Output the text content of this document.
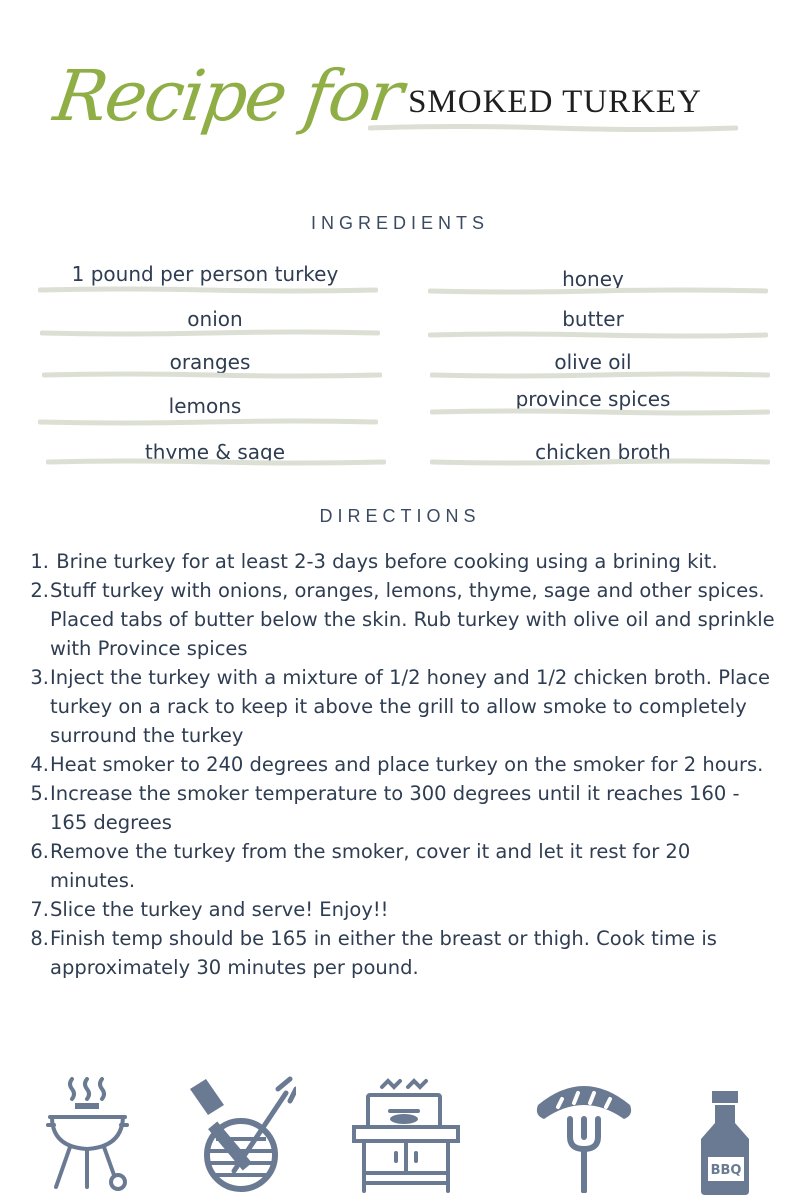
Recipe for SMOKED TURKEY
INGREDIENTS
1 pound per person turkey
onion
oranges
lemons
thyme & sage
honey
butter
olive oil
province spices
chicken broth
DIRECTIONS
1. Brine turkey for at least 2-3 days before cooking using a brining kit.
2. Stuff turkey with onions, oranges, lemons, thyme, sage and other spices. Placed tabs of butter below the skin. Rub turkey with olive oil and sprinkle with Province spices
3. Inject the turkey with a mixture of 1/2 honey and 1/2 chicken broth. Place turkey on a rack to keep it above the grill to allow smoke to completely surround the turkey
4. Heat smoker to 240 degrees and place turkey on the smoker for 2 hours.
5. Increase the smoker temperature to 300 degrees until it reaches 160 - 165 degrees
6. Remove the turkey from the smoker, cover it and let it rest for 20 minutes.
7. Slice the turkey and serve! Enjoy!!
8. Finish temp should be 165 in either the breast or thigh. Cook time is approximately 30 minutes per pound.
BBQ
